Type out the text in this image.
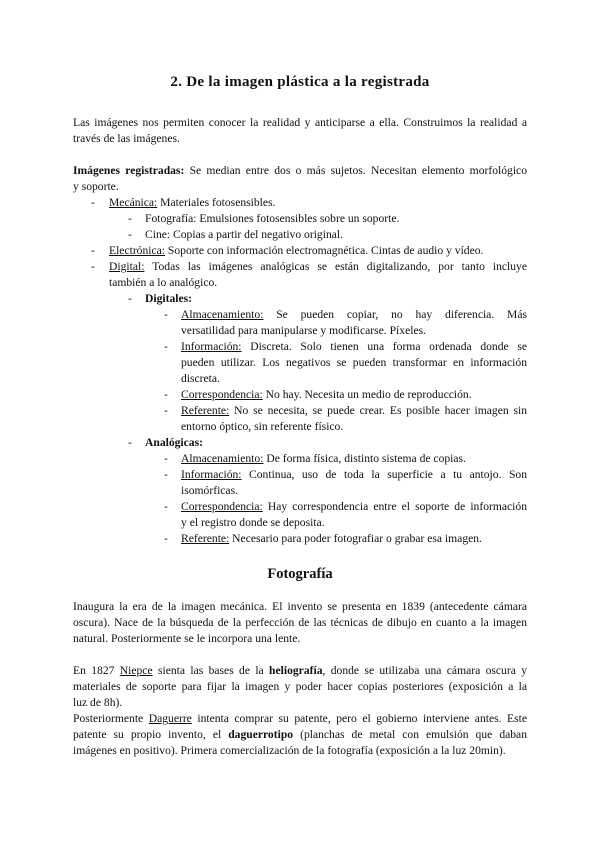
2. De la imagen plástica a la registrada
Las imágenes nos permiten conocer la realidad y anticiparse a ella. Construimos la realidad a
través de las imágenes.
Imágenes registradas: Se median entre dos o más sujetos. Necesitan elemento morfológico
y soporte.
- Mecánica: Materiales fotosensibles.
- Fotografía: Emulsiones fotosensibles sobre un soporte.
- Cine: Copias a partir del negativo original.
- Electrónica: Soporte con información electromagnética. Cintas de audio y vídeo.
- Digital: Todas las imágenes analógicas se están digitalizando, por tanto incluye
también a lo analógico.
- Digitales:
- Almacenamiento: Se pueden copiar, no hay diferencia. Más
versatilidad para manipularse y modificarse. Píxeles.
- Información: Discreta. Solo tienen una forma ordenada donde se
pueden utilizar. Los negativos se pueden transformar en información
discreta.
- Correspondencia: No hay. Necesita un medio de reproducción.
- Referente: No se necesita, se puede crear. Es posible hacer imagen sin
entorno óptico, sin referente físico.
- Analógicas:
- Almacenamiento: De forma física, distinto sistema de copias.
- Información: Continua, uso de toda la superficie a tu antojo. Son
isomórficas.
- Correspondencia: Hay correspondencia entre el soporte de información
y el registro donde se deposita.
- Referente: Necesario para poder fotografiar o grabar esa imagen.
Fotografía
Inaugura la era de la imagen mecánica. El invento se presenta en 1839 (antecedente cámara
oscura). Nace de la búsqueda de la perfección de las técnicas de dibujo en cuanto a la imagen
natural. Posteriormente se le incorpora una lente.
En 1827 Niepce sienta las bases de la heliografía, donde se utilizaba una cámara oscura y
materiales de soporte para fijar la imagen y poder hacer copias posteriores (exposición a la
luz de 8h).
Posteriormente Daguerre intenta comprar su patente, pero el gobierno interviene antes. Este
patente su propio invento, el daguerrotipo (planchas de metal con emulsión que daban
imágenes en positivo). Primera comercialización de la fotografía (exposición a la luz 20min).
